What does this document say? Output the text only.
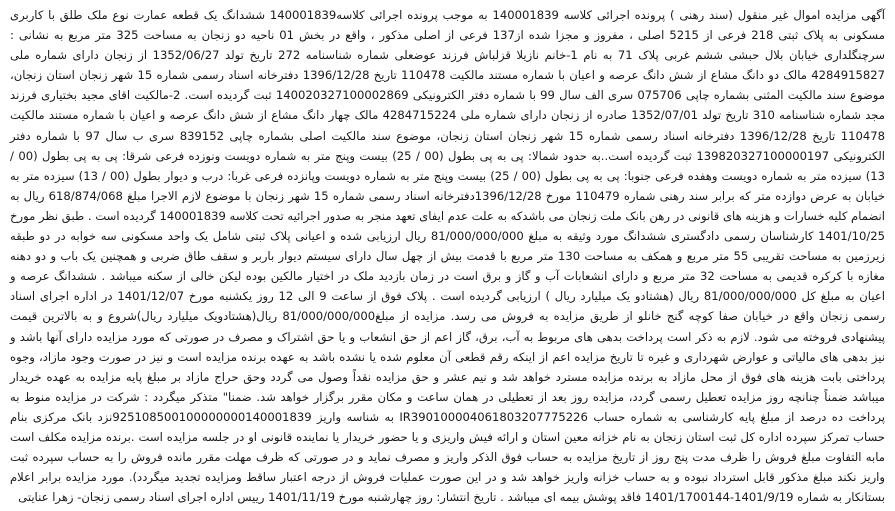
آگهی مزایده اموال غیر منقول (سند رهنی ) پرونده اجرائی کلاسه 140001839 به موجب پرونده اجرائی کلاسه140001839 ششدانگ یک قطعه عمارت نوع ملک طلق با کاربری مسکونی به پلاک ثبتی 218 فرعی از 5215 اصلی ، مفروز و مجزا شده از137 فرعی از اصلی مذکور ، واقع در بخش 01 ناحیه دو زنجان به مساحت 325 متر مربع به نشانی : سرچنگلداری خیابان بلال حبشی ششم غربی پلاک 71 به نام 1-خانم نازیلا قزلباش فرزند عوضعلی شماره شناسنامه 272 تاریخ تولد 1352/06/27 از زنجان دارای شماره ملی 4284915827 مالک دو دانگ مشاع از شش دانگ عرصه و اعیان با شماره مستند مالکیت 110478 تاریخ 1396/12/28 دفترخانه اسناد رسمی شماره 15 شهر زنجان استان زنجان، موضوع سند مالکیت المثنی بشماره چاپی 075706 سری الف سال 99 با شماره دفتر الکترونیکی 140020327100002869 ثبت گردیده است. 2-مالکیت اقای مجید بختیاری فرزند مجد شماره شناسنامه 310 تاریخ تولد 1352/07/01 صادره از زنجان دارای شماره ملی 4284715224 مالک چهار دانگ مشاع از شش دانگ عرصه و اعیان با شماره مستند مالکیت 110478 تاریخ 1396/12/28 دفترخانه اسناد رسمی شماره 15 شهر زنجان استان زنجان، موضوع سند مالکیت اصلی بشماره چاپی 839152 سری ب سال 97 با شماره دفتر الکترونیکی 139820327100000197 ثبت گردیده است..به حدود شمالا: پی به پی بطول (00 / 25) بیست وپنج متر به شماره دویست ونوزده فرعی شرقا: پی به پی بطول (00 / 13) سیزده متر به شماره دویست وهفده فرعی جنوبا: پی به پی بطول (00 / 25) بیست وپنج متر به شماره دویست وپانزده فرعی غربا: درب و دیوار بطول (00 / 13) سیزده متر به خیابان به عرض دوازده متر که برابر سند رهنی شماره 110479 مورخ 1396/12/28دفترخانه اسناد رسمی شماره 15 شهر زنجان با موضوع لازم الاجرا مبلغ 618/874/068 ریال به انضمام کلیه خسارات و هزینه های قانونی در رهن بانک ملت زنجان می باشدکه به علت عدم ایفای تعهد منجر به صدور اجرائیه تحت کلاسه 140001839 گردیده است . طبق نظر مورخ 1401/10/25 کارشناسان رسمی دادگستری ششدانگ مورد وثیقه به مبلغ 81/000/000/000 ریال ارزیابی شده و اعیانی پلاک ثبتی شامل یک واحد مسکونی سه خوابه در دو طبقه زیرزمین به مساحت تقریبی 55 متر مربع و همکف به مساحت 130 متر مربع با قدمت بیش از چهل سال دارای سیستم دیوار باربر و سقف طاق ضربی و همچنین یک باب و دو دهنه مغازه با کرکره قدیمی به مساحت 32 متر مربع و دارای انشعابات آب و گاز و برق است در زمان بازدید ملک در اختیار مالکین بوده لیکن خالی از سکنه میباشد . ششدانگ عرصه و اعیان به مبلغ کل 81/000/000/000 ریال (هشتادو یک میلیارد ریال ) ارزیابی گردیده است . پلاک فوق از ساعت 9 الی 12 روز یکشنبه مورخ 1401/12/07 در اداره اجرای اسناد رسمی زنجان واقع در خیابان صفا کوچه گنج خانلو از طریق مزایده به فروش می رسد. مزایده از مبلغ81/000/000/000 ریال(هشتادویک میلیارد ریال)شروع و به بالاترین قیمت پیشنهادی فروخته می شود. لازم به ذکر است پرداخت بدهی های مربوط به آب، برق، گاز اعم از حق انشعاب و یا حق اشتراک و مصرف در صورتی که مورد مزایده دارای آنها باشد و نیز بدهی های مالیاتی و عوارض شهرداری و غیره تا تاریخ مزایده اعم از اینکه رقم قطعی آن معلوم شده یا نشده باشد به عهده برنده مزایده است و نیز در صورت وجود مازاد، وجوه پرداختی بابت هزینه های فوق از محل مازاد به برنده مزایده مسترد خواهد شد و نیم عشر و حق مزایده نقداً وصول می گردد وحق حراج مازاد بر مبلغ پایه مزایده به عهده خریدار میباشد ضمناً چنانچه روز مزایده تعطیل رسمی گردد، مزایده روز بعد از تعطیلی در همان ساعت و مکان مقرر برگزار خواهد شد. ضمنا" متذکر میگردد : شرکت در مزایده منوط به پرداخت ده درصد از مبلغ پایه کارشناسی به شماره حساب IR390100004061803207775226 به شناسه واریز 925108500100000000140001839نزد بانک مرکزی بنام حساب تمرکز سپرده اداره کل ثبت استان زنجان به نام خزانه معین استان و ارائه فیش واریزی و یا حضور خریدار یا نماینده قانونی او در جلسه مزایده است .برنده مزایده مکلف است مابه التفاوت مبلغ فروش را ظرف مدت پنج روز از تاریخ مزایده به حساب فوق الذکر واریز و مصرف نماید و در صورتی که ظرف مهلت مقرر مانده فروش را به حساب سپرده ثبت واریز نکند مبلغ مذکور قابل استرداد نبوده و به حساب خزانه واریز خواهد شد و در این صورت عملیات فروش از درجه اعتبار ساقط ومزایده تجدید میگردد). مورد مزایده برابر اعلام بستانکار به شماره 1401/9/19-1401/1700144 فاقد پوشش بیمه ای میباشد . تاریخ انتشار: روز چهارشنبه مورخ 1401/11/19 رییس اداره اجرای اسناد رسمی زنجان- زهرا عنایتی
